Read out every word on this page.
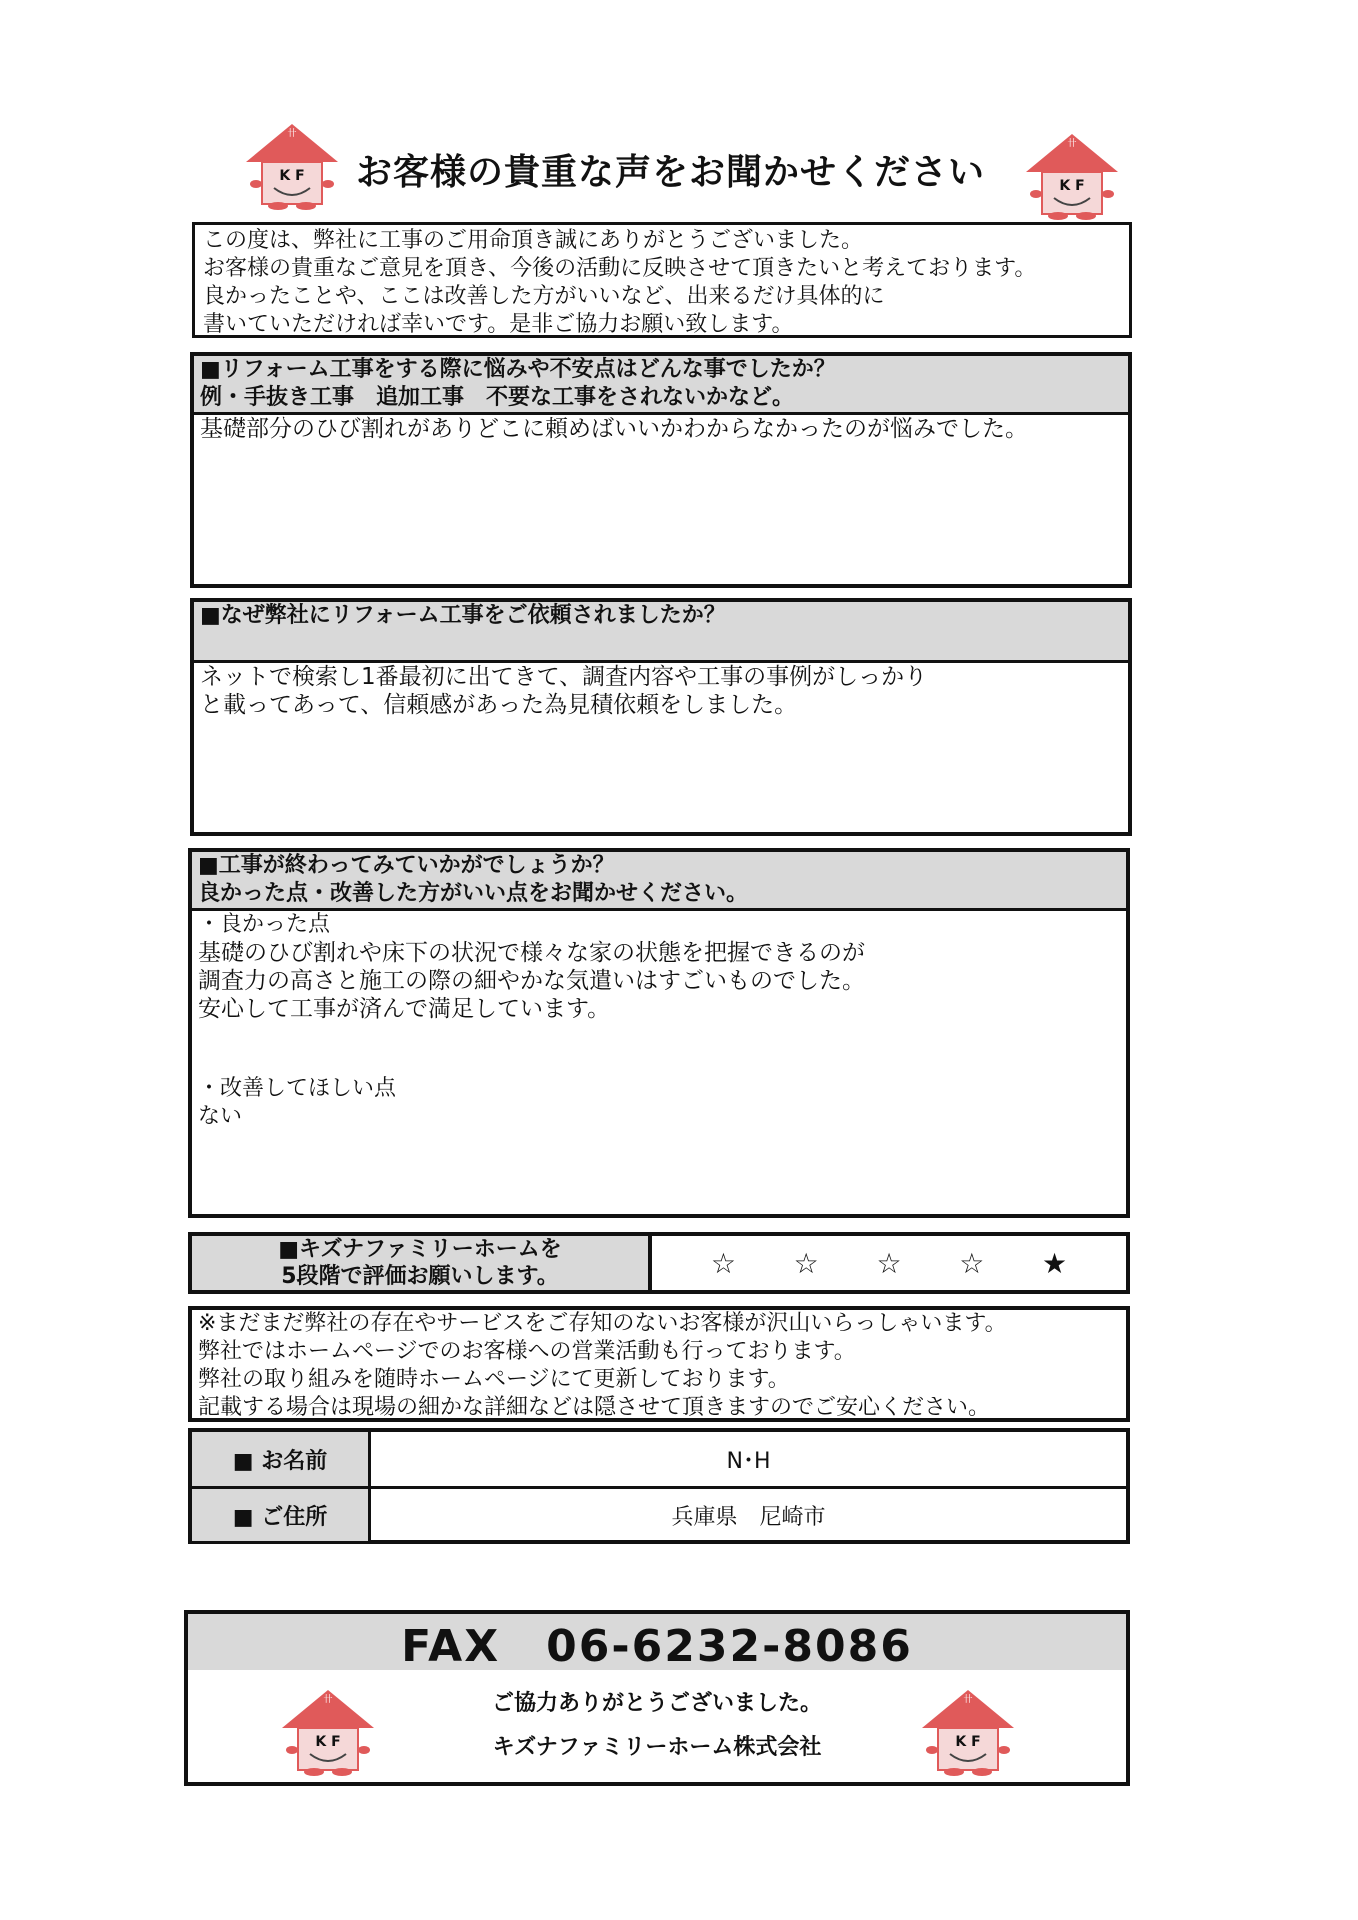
K F	お客様の貴重な声をお聞かせください	K F
この度は、弊社に工事のご用命頂き誠にありがとうございました。
お客様の貴重なご意見を頂き、今後の活動に反映させて頂きたいと考えております。
良かったことや、ここは改善した方がいいなど、出来るだけ具体的に
書いていただければ幸いです。是非ご協力お願い致します。
■リフォーム工事をする際に悩みや不安点はどんな事でしたか？
例・手抜き工事　追加工事　不要な工事をされないかなど。
基礎部分のひび割れがありどこに頼めばいいかわからなかったのが悩みでした。
■なぜ弊社にリフォーム工事をご依頼されましたか？
ネットで検索し1番最初に出てきて、調査内容や工事の事例がしっかり
と載ってあって、信頼感があった為見積依頼をしました。
■工事が終わってみていかがでしょうか？
良かった点・改善した方がいい点をお聞かせください。
・良かった点
基礎のひび割れや床下の状況で様々な家の状態を把握できるのが
調査力の高さと施工の際の細やかな気遣いはすごいものでした。
安心して工事が済んで満足しています。
・改善してほしい点
ない
■キズナファミリーホームを
5段階で評価お願いします。	☆ ☆ ☆ ☆ ★
※まだまだ弊社の存在やサービスをご存知のないお客様が沢山いらっしゃいます。
弊社ではホームページでのお客様への営業活動も行っております。
弊社の取り組みを随時ホームページにて更新しております。
記載する場合は現場の細かな詳細などは隠させて頂きますのでご安心ください。
■ お名前	N･H
■ ご住所	兵庫県　尼崎市
FAX　06-6232-8086
K F	K F
ご協力ありがとうございました。
キズナファミリーホーム株式会社
